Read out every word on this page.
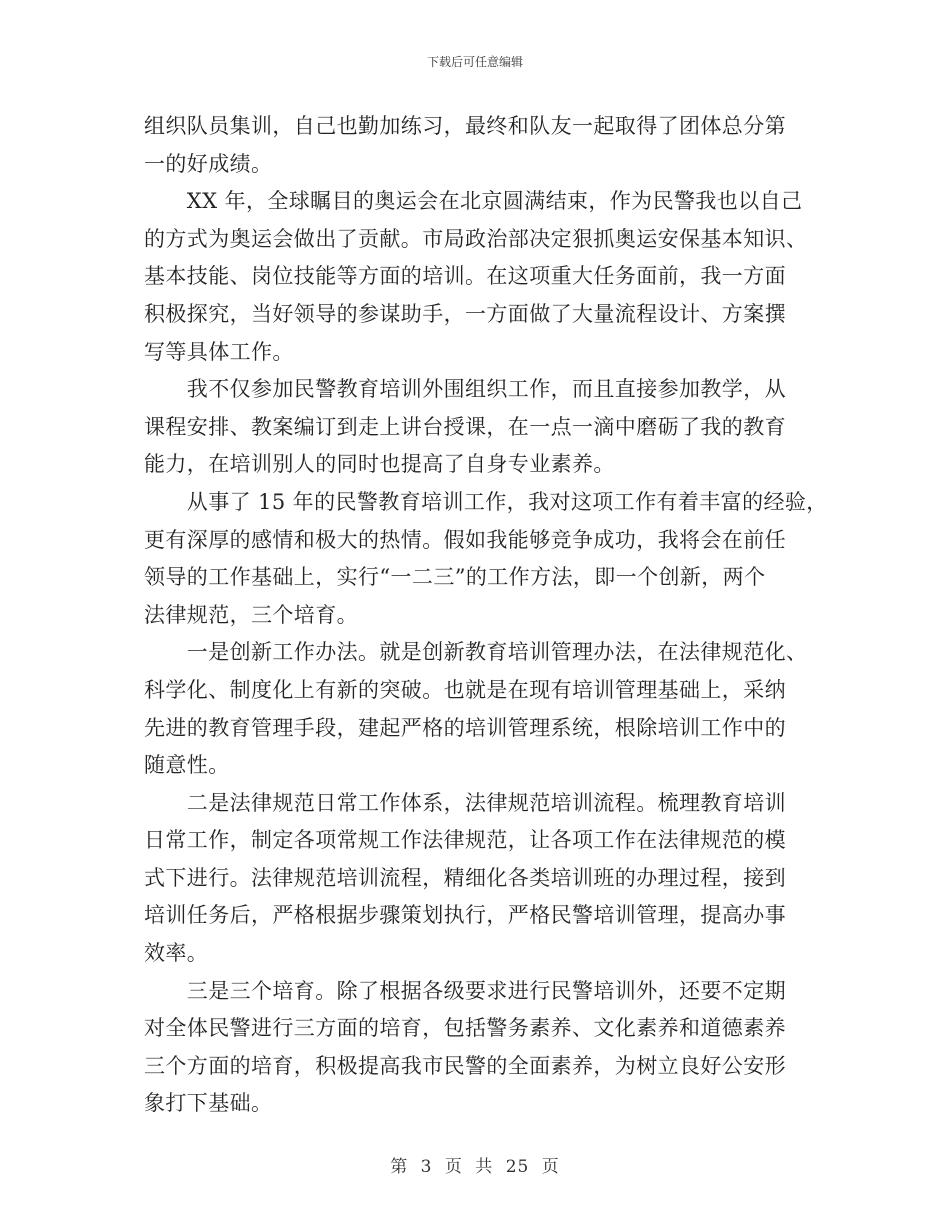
下载后可任意编辑
组织队员集训，自己也勤加练习，最终和队友一起取得了团体总分第
一的好成绩。
　　XX 年，全球瞩目的奥运会在北京圆满结束，作为民警我也以自己
的方式为奥运会做出了贡献。市局政治部决定狠抓奥运安保基本知识、
基本技能、岗位技能等方面的培训。在这项重大任务面前，我一方面
积极探究，当好领导的参谋助手，一方面做了大量流程设计、方案撰
写等具体工作。
　　我不仅参加民警教育培训外围组织工作，而且直接参加教学，从
课程安排、教案编订到走上讲台授课，在一点一滴中磨砺了我的教育
能力，在培训别人的同时也提高了自身专业素养。
　　从事了 15 年的民警教育培训工作，我对这项工作有着丰富的经验，
更有深厚的感情和极大的热情。假如我能够竞争成功，我将会在前任
领导的工作基础上，实行“一二三”的工作方法，即一个创新，两个
法律规范，三个培育。
　　一是创新工作办法。就是创新教育培训管理办法，在法律规范化、
科学化、制度化上有新的突破。也就是在现有培训管理基础上，采纳
先进的教育管理手段，建起严格的培训管理系统，根除培训工作中的
随意性。
　　二是法律规范日常工作体系，法律规范培训流程。梳理教育培训
日常工作，制定各项常规工作法律规范，让各项工作在法律规范的模
式下进行。法律规范培训流程，精细化各类培训班的办理过程，接到
培训任务后，严格根据步骤策划执行，严格民警培训管理，提高办事
效率。
　　三是三个培育。除了根据各级要求进行民警培训外，还要不定期
对全体民警进行三方面的培育，包括警务素养、文化素养和道德素养
三个方面的培育，积极提高我市民警的全面素养，为树立良好公安形
象打下基础。
第 3 页 共 25 页
